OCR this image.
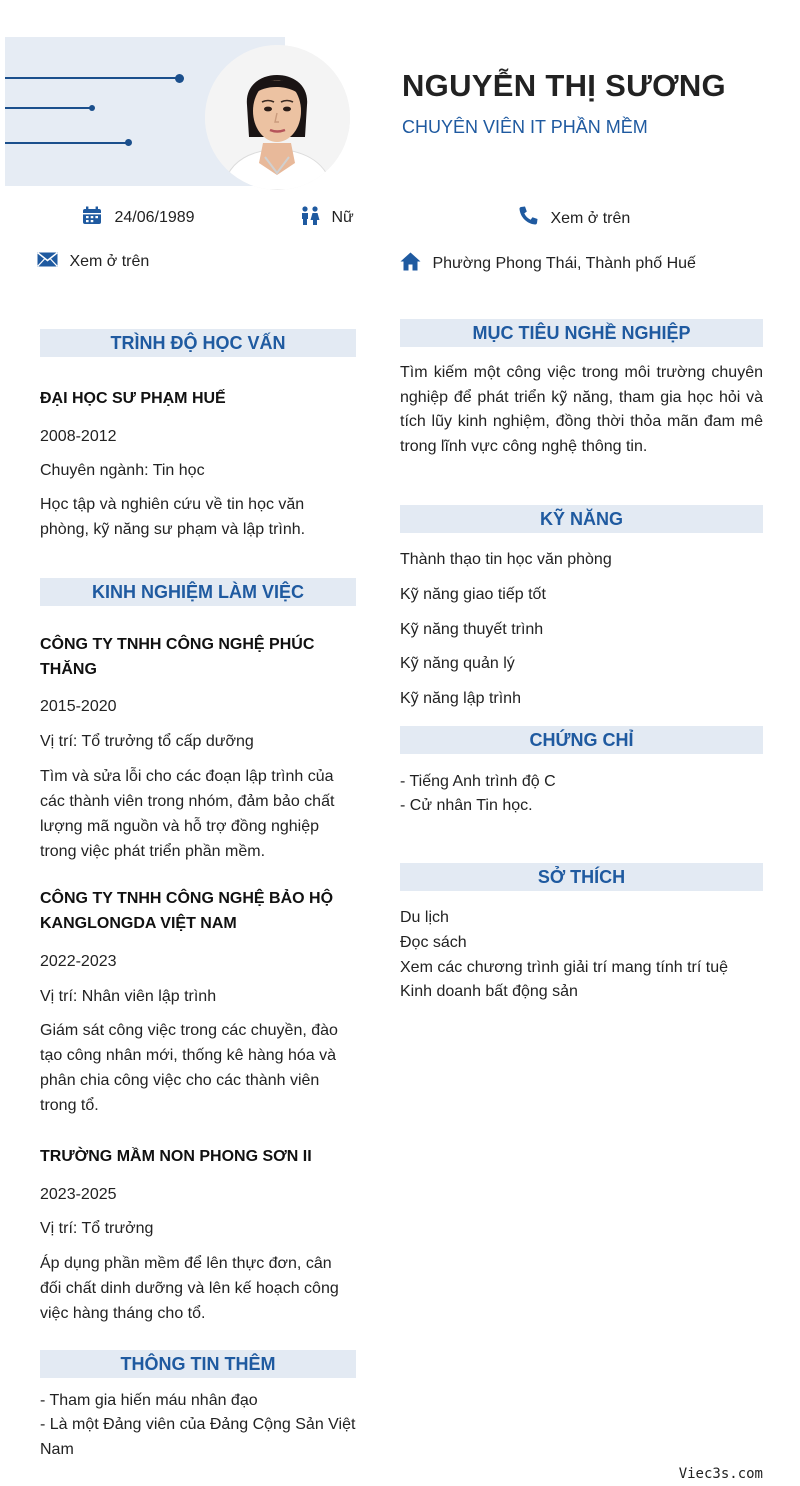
NGUYỄN THỊ SƯƠNG
CHUYÊN VIÊN IT PHẦN MỀM
24/06/1989	Nữ	Xem ở trên
Xem ở trên	Phường Phong Thái, Thành phố Huế
TRÌNH ĐỘ HỌC VẤN
ĐẠI HỌC SƯ PHẠM HUẾ
2008-2012
Chuyên ngành: Tin học
Học tập và nghiên cứu về tin học văn phòng, kỹ năng sư phạm và lập trình.
KINH NGHIỆM LÀM VIỆC
CÔNG TY TNHH CÔNG NGHỆ PHÚC THĂNG
2015-2020
Vị trí: Tổ trưởng tổ cấp dưỡng
Tìm và sửa lỗi cho các đoạn lập trình của các thành viên trong nhóm, đảm bảo chất lượng mã nguồn và hỗ trợ đồng nghiệp trong việc phát triển phần mềm.
CÔNG TY TNHH CÔNG NGHỆ BẢO HỘ KANGLONGDA VIỆT NAM
2022-2023
Vị trí: Nhân viên lập trình
Giám sát công việc trong các chuyền, đào tạo công nhân mới, thống kê hàng hóa và phân chia công việc cho các thành viên trong tổ.
TRƯỜNG MẦM NON PHONG SƠN II
2023-2025
Vị trí: Tổ trưởng
Áp dụng phần mềm để lên thực đơn, cân đối chất dinh dưỡng và lên kế hoạch công việc hàng tháng cho tổ.
THÔNG TIN THÊM
- Tham gia hiến máu nhân đạo
- Là một Đảng viên của Đảng Cộng Sản Việt Nam
MỤC TIÊU NGHỀ NGHIỆP
Tìm kiếm một công việc trong môi trường chuyên nghiệp để phát triển kỹ năng, tham gia học hỏi và tích lũy kinh nghiệm, đồng thời thỏa mãn đam mê trong lĩnh vực công nghệ thông tin.
KỸ NĂNG
Thành thạo tin học văn phòng
Kỹ năng giao tiếp tốt
Kỹ năng thuyết trình
Kỹ năng quản lý
Kỹ năng lập trình
CHỨNG CHỈ
- Tiếng Anh trình độ C
- Cử nhân Tin học.
SỞ THÍCH
Du lịch
Đọc sách
Xem các chương trình giải trí mang tính trí tuệ
Kinh doanh bất động sản
Viec3s.com
